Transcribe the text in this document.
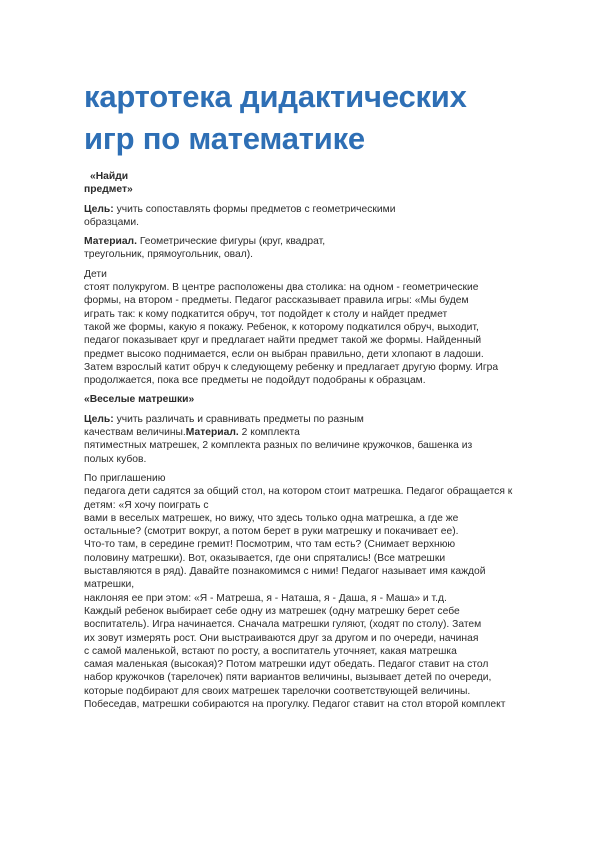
картотека дидактических
игр по математике
«Найди
предмет»
Цель: учить сопоставлять формы предметов с геометрическими
образцами.
Материал. Геометрические фигуры (круг, квадрат,
треугольник, прямоугольник, овал).
Дети
стоят полукругом. В центре расположены два столика: на одном - геометрические
формы, на втором - предметы. Педагог рассказывает правила игры: «Мы будем
играть так: к кому подкатится обруч, тот подойдет к столу и найдет предмет
такой же формы, какую я покажу. Ребенок, к которому подкатился обруч, выходит,
педагог показывает круг и предлагает найти предмет такой же формы. Найденный
предмет высоко поднимается, если он выбран правильно, дети хлопают в ладоши.
Затем взрослый катит обруч к следующему ребенку и предлагает другую форму. Игра
продолжается, пока все предметы не подойдут подобраны к образцам.
«Веселые матрешки»
Цель: учить различать и сравнивать предметы по разным
качествам величины.Материал. 2 комплекта
пятиместных матрешек, 2 комплекта разных по величине кружочков, башенка из
полых кубов.
По приглашению
педагога дети садятся за общий стол, на котором стоит матрешка. Педагог обращается к
детям: «Я хочу поиграть с
вами в веселых матрешек, но вижу, что здесь только одна матрешка, а где же
остальные? (смотрит вокруг, а потом берет в руки матрешку и покачивает ее).
Что-то там, в середине гремит! Посмотрим, что там есть? (Снимает верхнюю
половину матрешки). Вот, оказывается, где они спрятались! (Все матрешки
выставляются в ряд). Давайте познакомимся с ними! Педагог называет имя каждой
матрешки,
наклоняя ее при этом: «Я - Матреша, я - Наташа, я - Даша, я - Маша» и т.д.
Каждый ребенок выбирает себе одну из матрешек (одну матрешку берет себе
воспитатель). Игра начинается. Сначала матрешки гуляют, (ходят по столу). Затем
их зовут измерять рост. Они выстраиваются друг за другом и по очереди, начиная
с самой маленькой, встают по росту, а воспитатель уточняет, какая матрешка
самая маленькая (высокая)? Потом матрешки идут обедать. Педагог ставит на стол
набор кружочков (тарелочек) пяти вариантов величины, вызывает детей по очереди,
которые подбирают для своих матрешек тарелочки соответствующей величины.
Побеседав, матрешки собираются на прогулку. Педагог ставит на стол второй комплект
